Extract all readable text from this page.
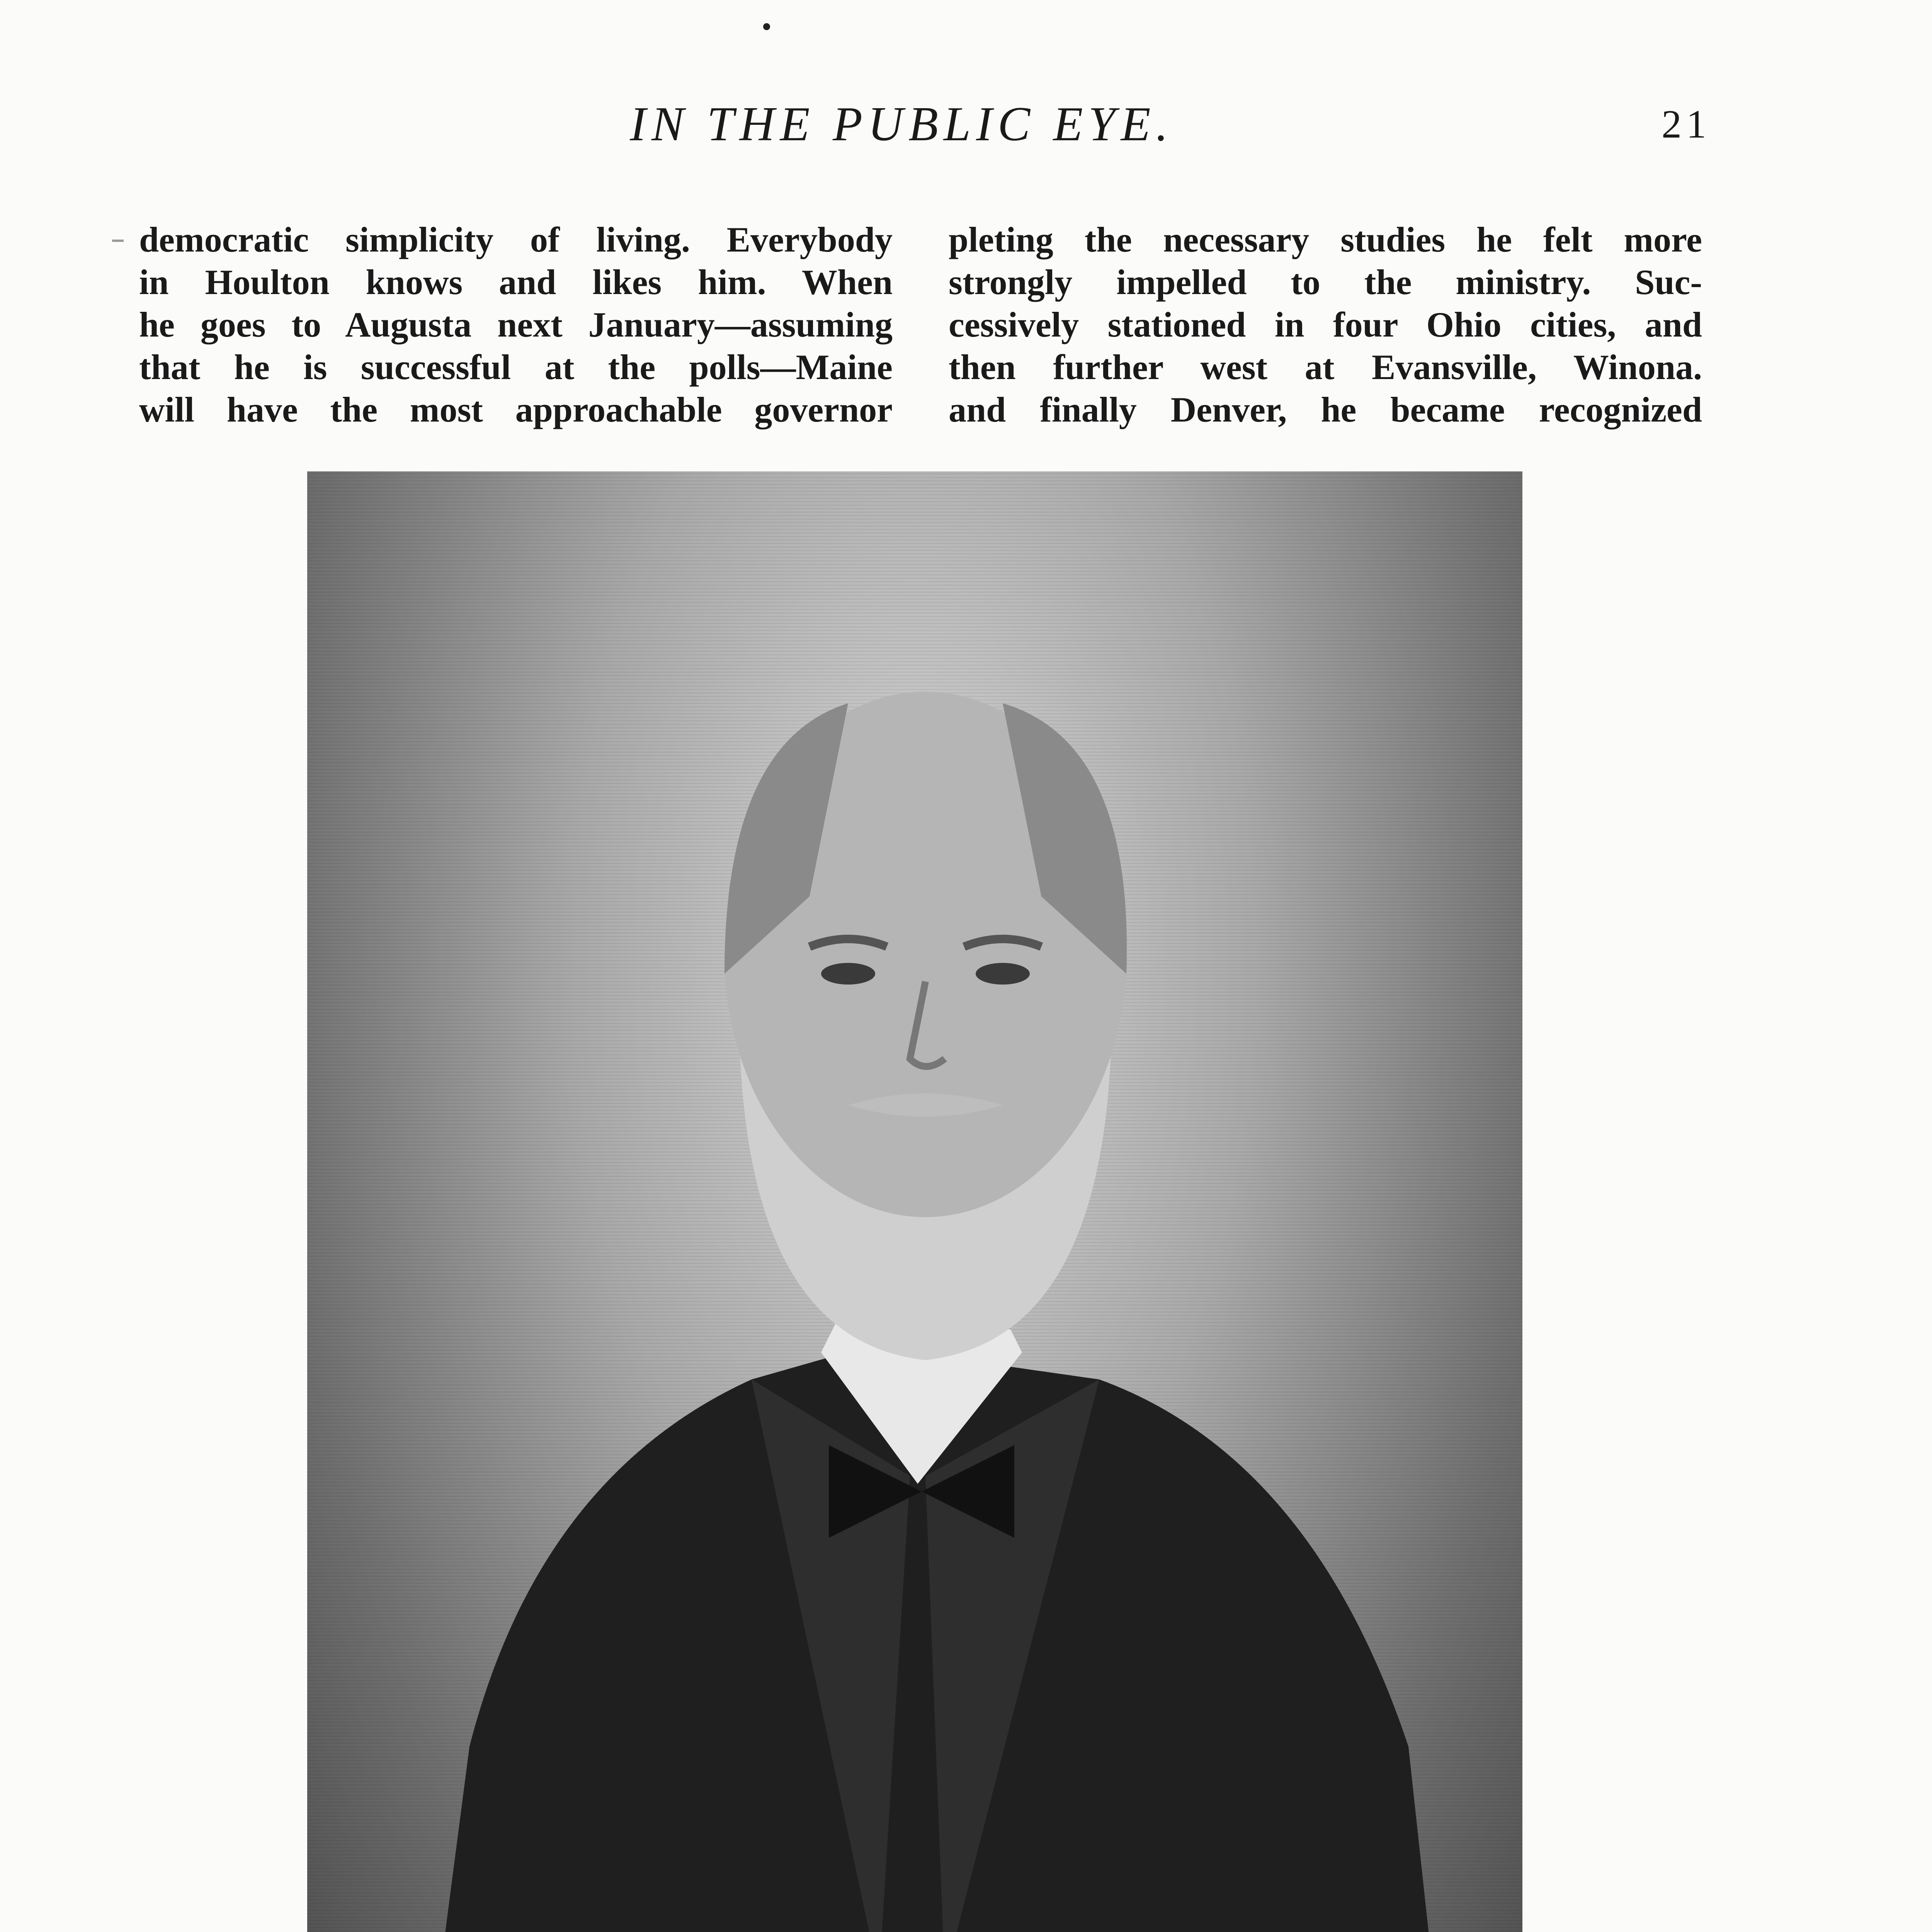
IN THE PUBLIC EYE.	21

democratic simplicity of living. Everybody

in Houlton knows and likes him. When

he goes to Augusta next January—assuming

that he is successful at the polls—Maine

will have the most approachable governor

pleting the necessary studies he felt more

strongly impelled to the ministry. Suc-

cessively stationed in four Ohio cities, and

then further west at Evansville, Winona.

and finally Denver, he became recognized
